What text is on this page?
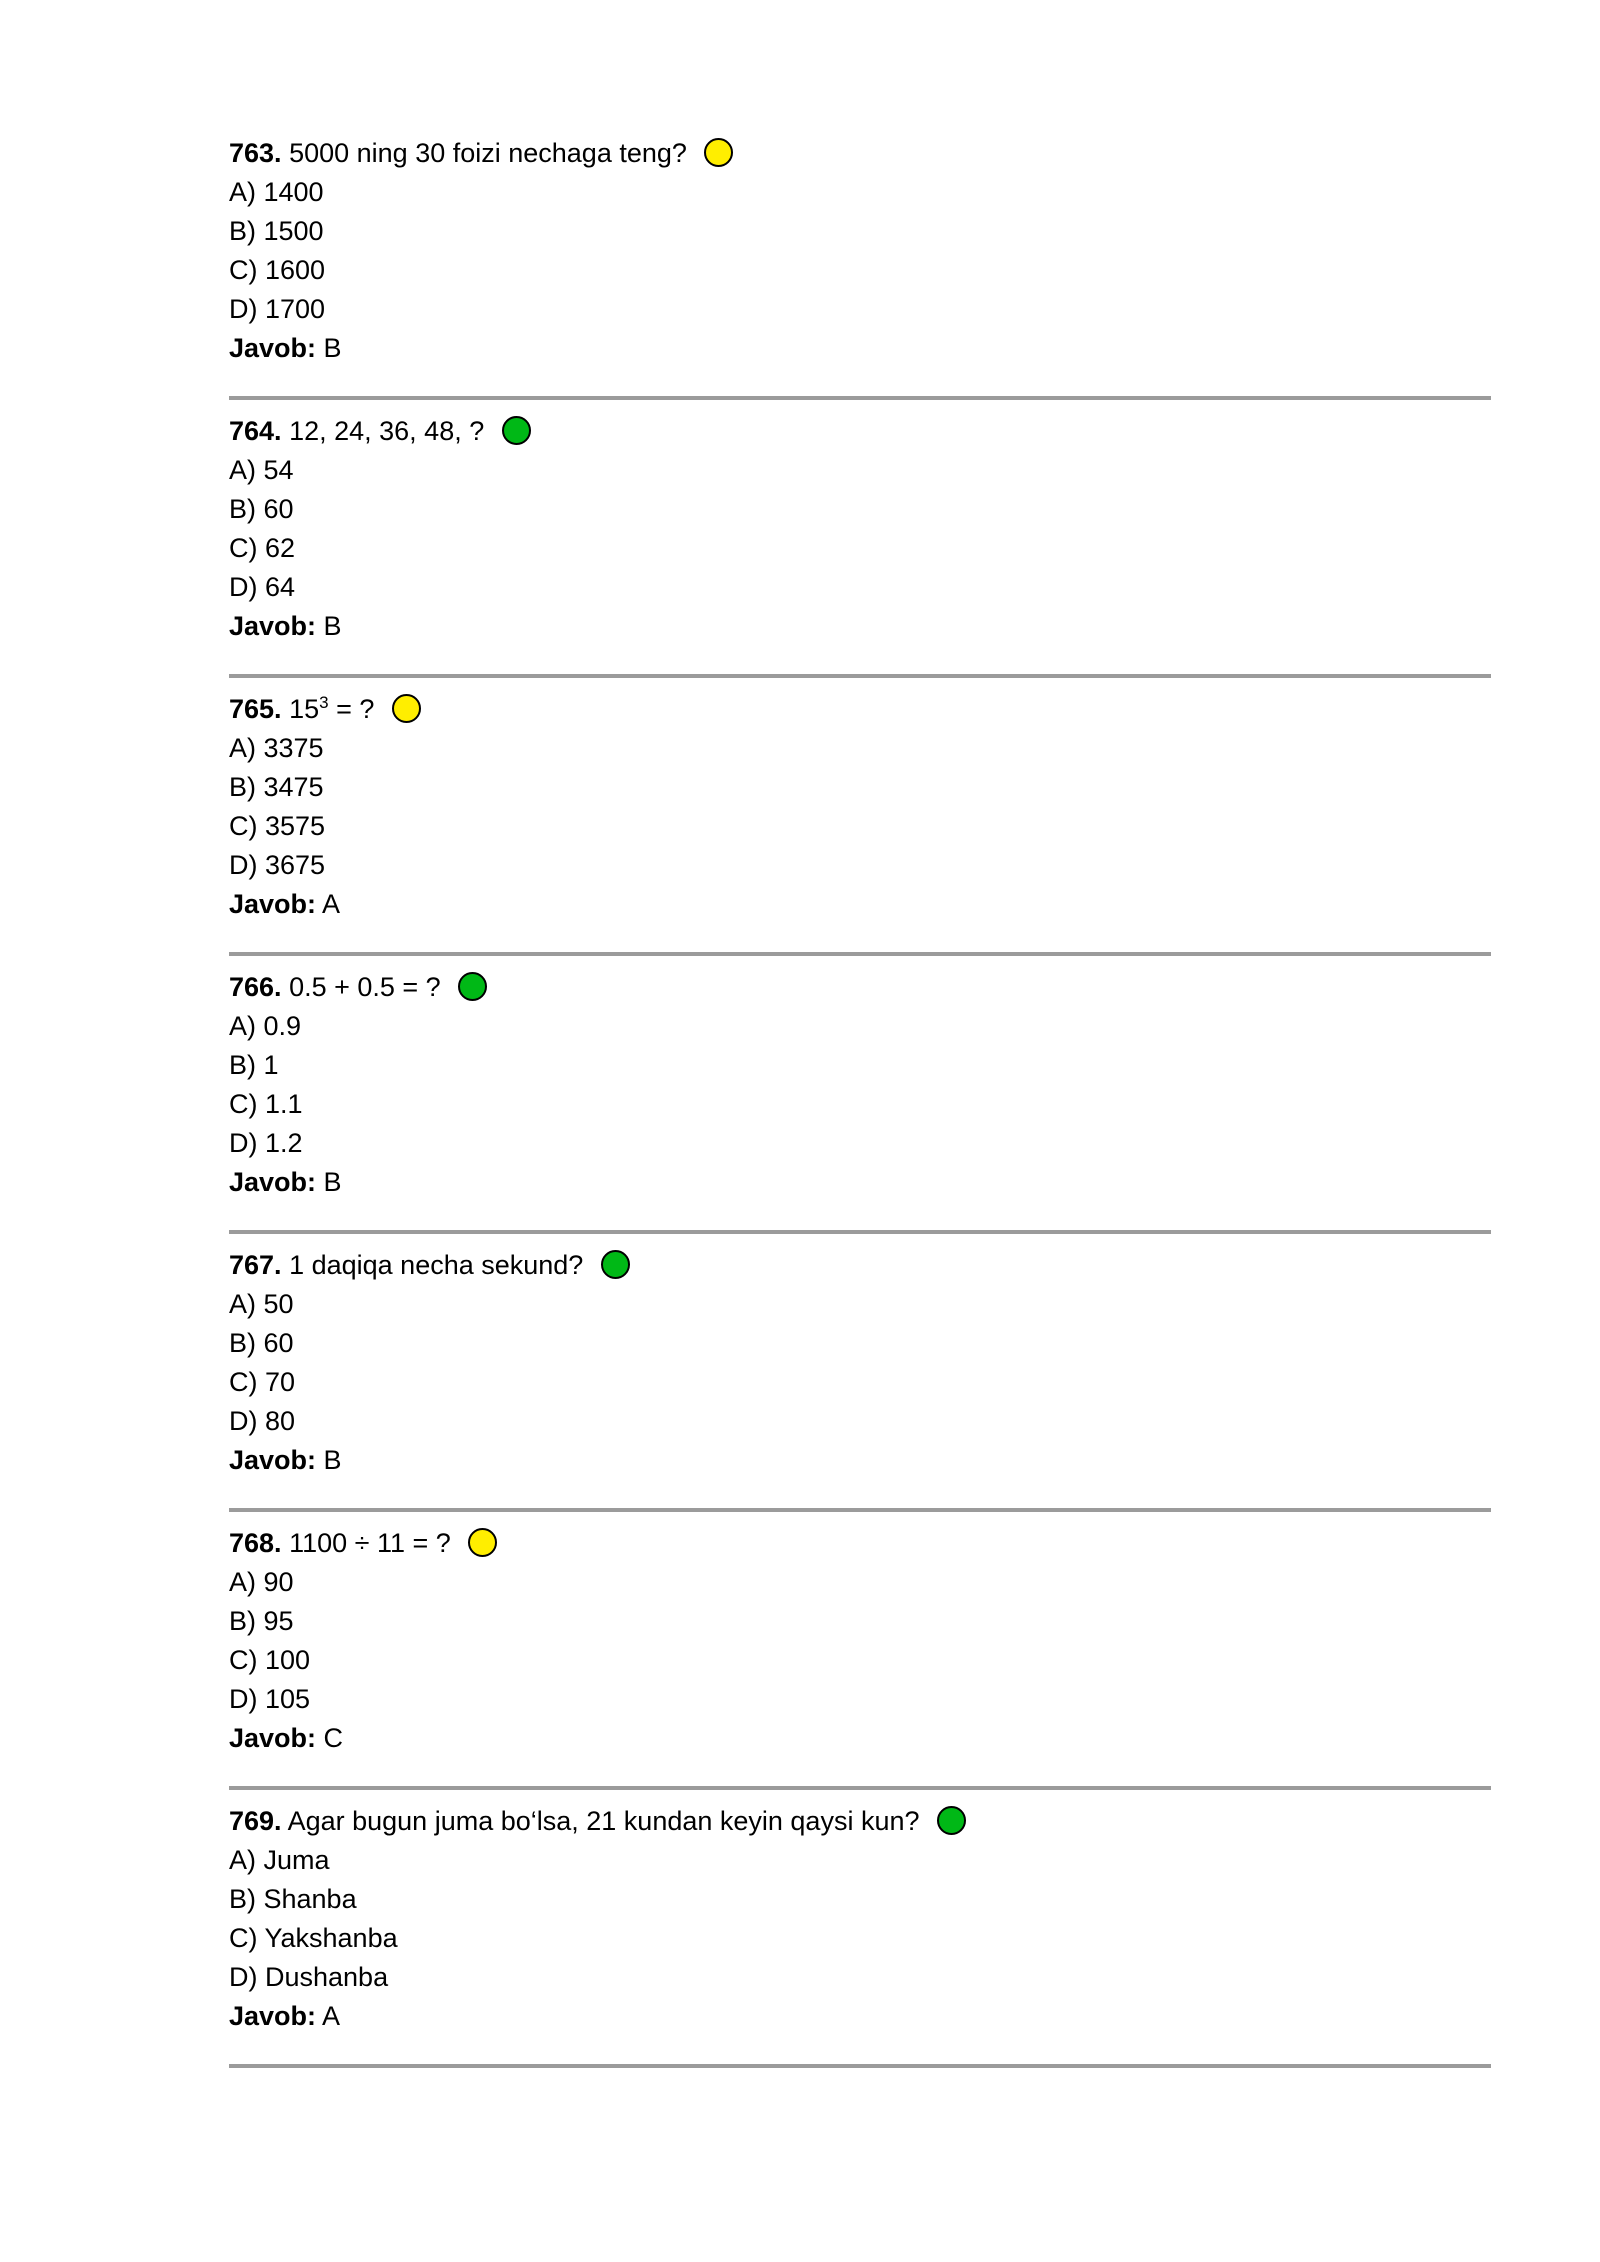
763. 5000 ning 30 foizi nechaga teng?
A) 1400
B) 1500
C) 1600
D) 1700
Javob: B
764. 12, 24, 36, 48, ?
A) 54
B) 60
C) 62
D) 64
Javob: B
765. $15^3$ = ?
A) 3375
B) 3475
C) 3575
D) 3675
Javob: A
766. 0.5 + 0.5 = ?
A) 0.9
B) 1
C) 1.1
D) 1.2
Javob: B
767. 1 daqiqa necha sekund?
A) 50
B) 60
C) 70
D) 80
Javob: B
768. 1100 ÷ 11 = ?
A) 90
B) 95
C) 100
D) 105
Javob: C
769. Agar bugun juma bo‘lsa, 21 kundan keyin qaysi kun?
A) Juma
B) Shanba
C) Yakshanba
D) Dushanba
Javob: A
